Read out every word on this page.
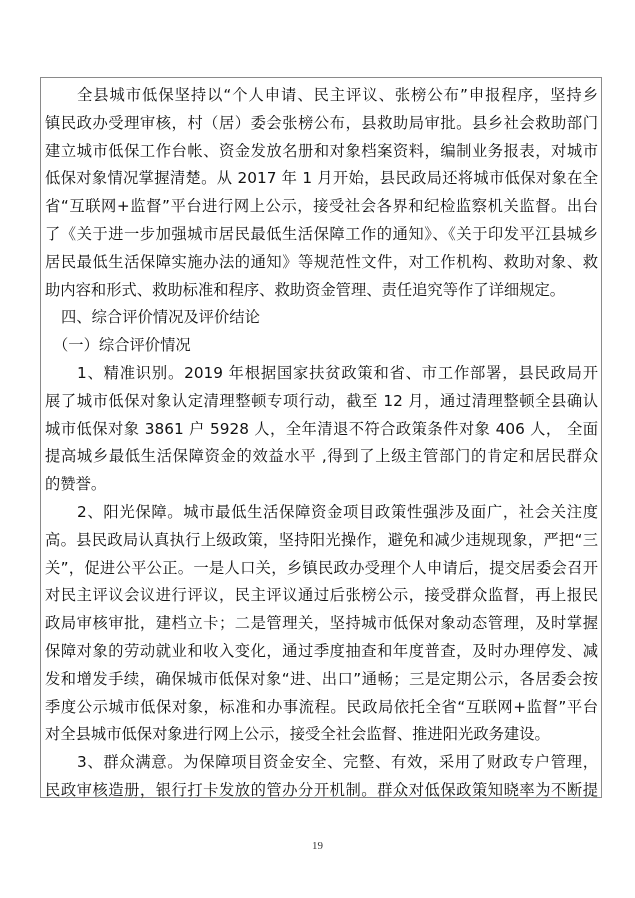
全县城市低保坚持以“个人申请、民主评议、张榜公布”申报程序，坚持乡
镇民政办受理审核，村（居）委会张榜公布，县救助局审批。县乡社会救助部门
建立城市低保工作台帐、资金发放名册和对象档案资料，编制业务报表，对城市
低保对象情况掌握清楚。从 2017 年 1 月开始，县民政局还将城市低保对象在全
省“互联网+监督”平台进行网上公示，接受社会各界和纪检监察机关监督。出台
了《关于进一步加强城市居民最低生活保障工作的通知》、《关于印发平江县城乡
居民最低生活保障实施办法的通知》等规范性文件，对工作机构、救助对象、救
助内容和形式、救助标准和程序、救助资金管理、责任追究等作了详细规定。
四、综合评价情况及评价结论
（一）综合评价情况
1、精准识别。2019 年根据国家扶贫政策和省、市工作部署，县民政局开
展了城市低保对象认定清理整顿专项行动，截至 12 月，通过清理整顿全县确认
城市低保对象 3861 户 5928 人，全年清退不符合政策条件对象 406 人， 全面
提高城乡最低生活保障资金的效益水平 ,得到了上级主管部门的肯定和居民群众
的赞誉。
2、阳光保障。城市最低生活保障资金项目政策性强涉及面广，社会关注度
高。县民政局认真执行上级政策，坚持阳光操作，避免和减少违规现象，严把“三
关”，促进公平公正。一是人口关，乡镇民政办受理个人申请后，提交居委会召开
对民主评议会议进行评议，民主评议通过后张榜公示，接受群众监督，再上报民
政局审核审批，建档立卡；二是管理关，坚持城市低保对象动态管理，及时掌握
保障对象的劳动就业和收入变化，通过季度抽查和年度普查，及时办理停发、减
发和增发手续，确保城市低保对象“进、出口”通畅；三是定期公示，各居委会按
季度公示城市低保对象，标准和办事流程。民政局依托全省“互联网+监督”平台
对全县城市低保对象进行网上公示，接受全社会监督、推进阳光政务建设。
3、群众满意。为保障项目资金安全、完整、有效，采用了财政专户管理，
民政审核造册，银行打卡发放的管办分开机制。群众对低保政策知晓率为不断提
19
